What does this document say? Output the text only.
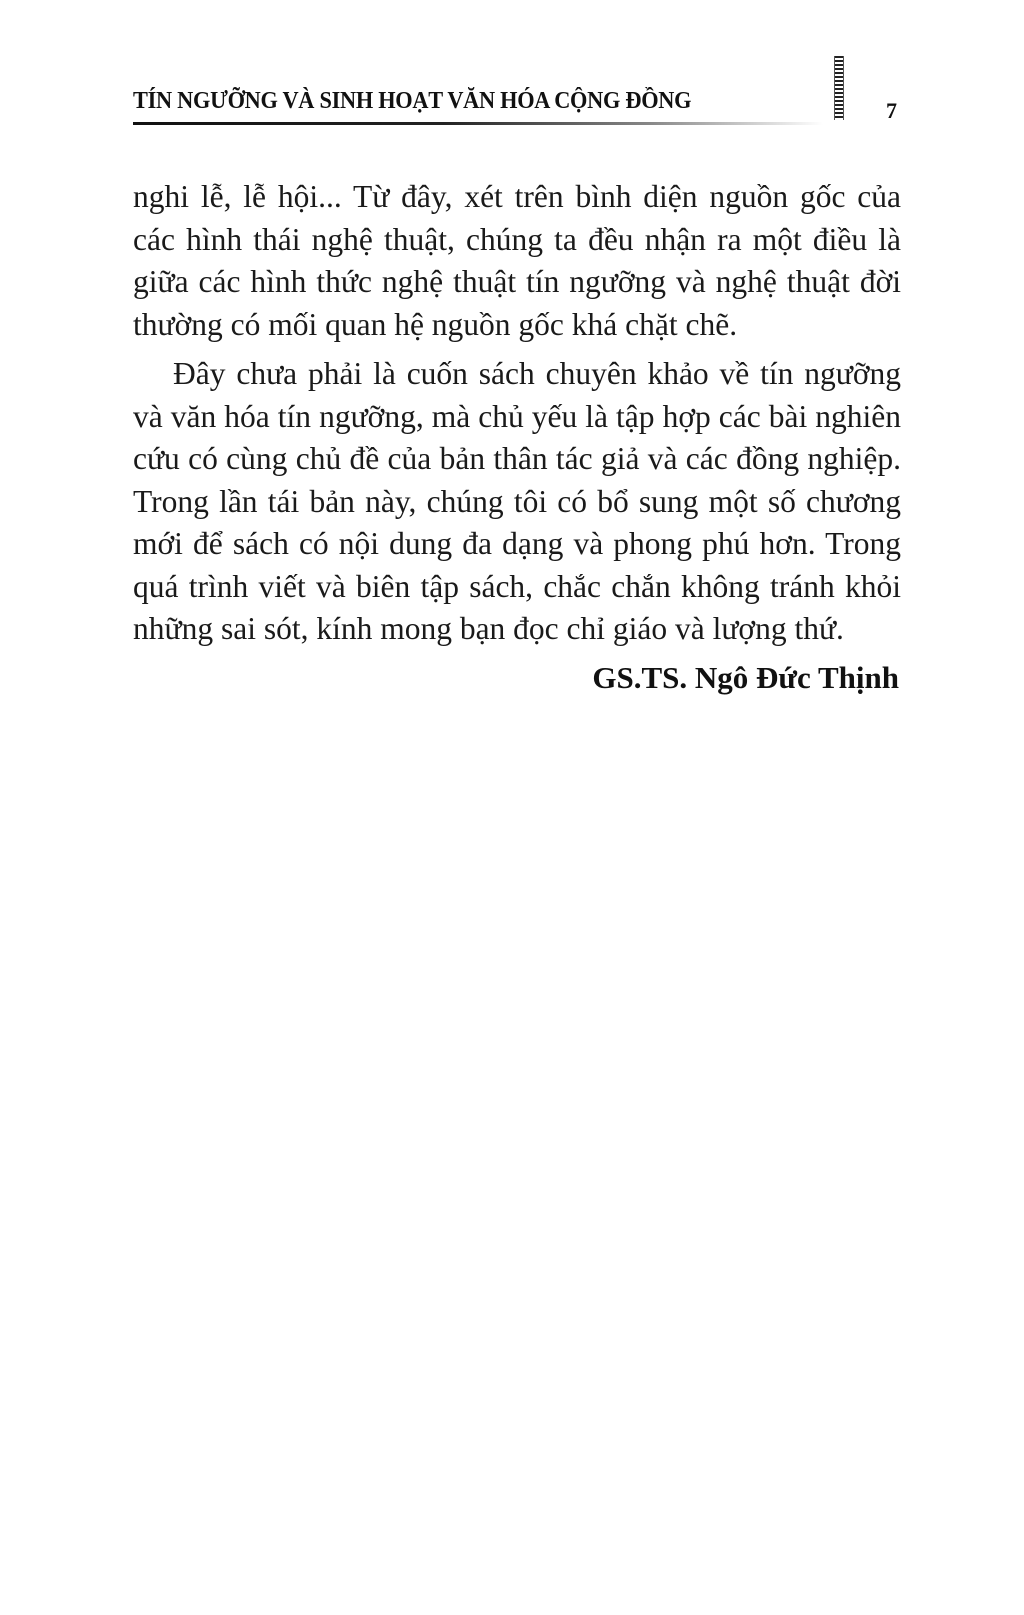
TÍN NGƯỠNG VÀ SINH HOẠT VĂN HÓA CỘNG ĐỒNG	7

nghi lễ, lễ hội... Từ đây, xét trên bình diện nguồn gốc của các hình thái nghệ thuật, chúng ta đều nhận ra một điều là giữa các hình thức nghệ thuật tín ngưỡng và nghệ thuật đời thường có mối quan hệ nguồn gốc khá chặt chẽ.

Đây chưa phải là cuốn sách chuyên khảo về tín ngưỡng và văn hóa tín ngưỡng, mà chủ yếu là tập hợp các bài nghiên cứu có cùng chủ đề của bản thân tác giả và các đồng nghiệp. Trong lần tái bản này, chúng tôi có bổ sung một số chương mới để sách có nội dung đa dạng và phong phú hơn. Trong quá trình viết và biên tập sách, chắc chắn không tránh khỏi những sai sót, kính mong bạn đọc chỉ giáo và lượng thứ.

GS.TS. Ngô Đức Thịnh
